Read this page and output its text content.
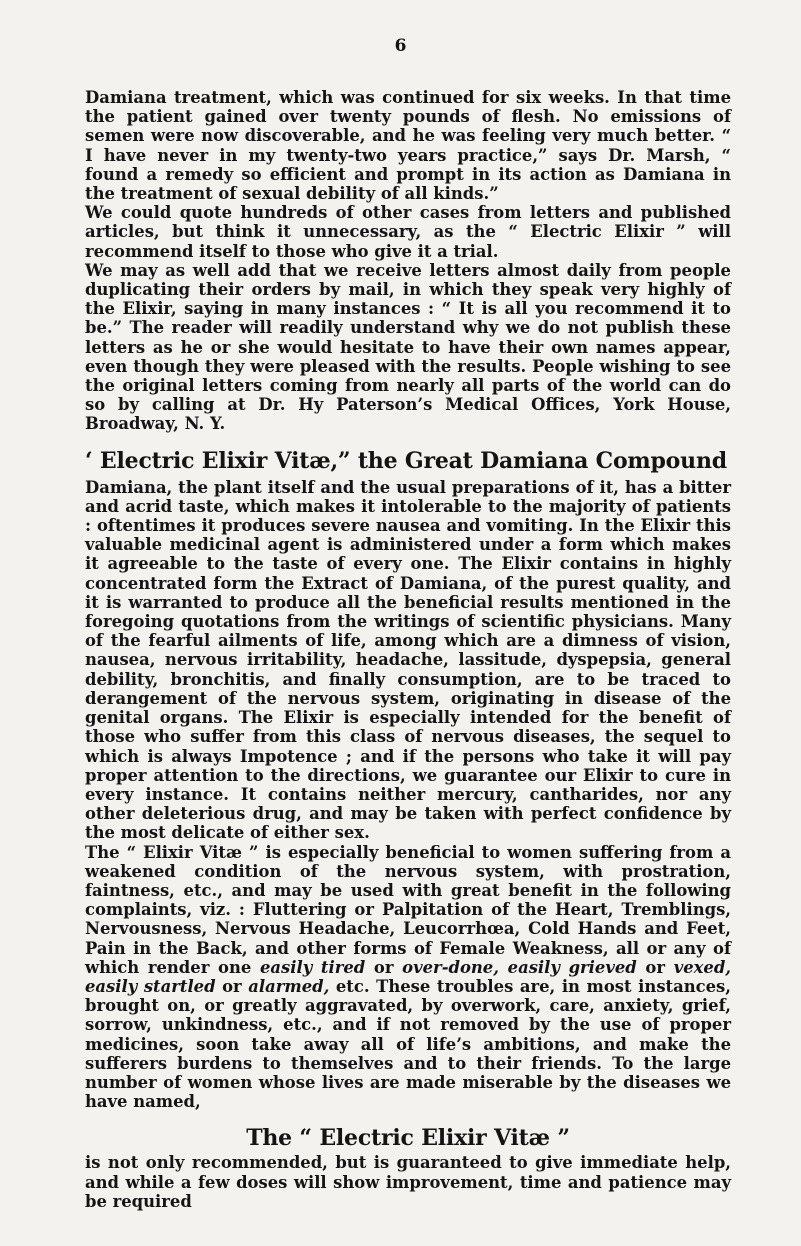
6

Damiana treatment, which was continued for six weeks. In that time the patient gained over twenty pounds of flesh. No emissions of semen were now discoverable, and he was feeling very much better. “ I have never in my twenty-two years practice,” says Dr. Marsh, “ found a remedy so efficient and prompt in its action as Damiana in the treatment of sexual debility of all kinds.”

We could quote hundreds of other cases from letters and published articles, but think it unnecessary, as the “ Electric Elixir ” will recommend itself to those who give it a trial.

We may as well add that we receive letters almost daily from people duplicating their orders by mail, in which they speak very highly of the Elixir, saying in many instances : “ It is all you recommend it to be.” The reader will readily understand why we do not publish these letters as he or she would hesitate to have their own names appear, even though they were pleased with the results. People wishing to see the original letters coming from nearly all parts of the world can do so by calling at Dr. Hy Paterson’s Medical Offices, York House, Broadway, N. Y.

‘ Electric Elixir Vitæ,” the Great Damiana Compound

Damiana, the plant itself and the usual preparations of it, has a bitter and acrid taste, which makes it intolerable to the majority of patients : oftentimes it produces severe nausea and vomiting. In the Elixir this valuable medicinal agent is administered under a form which makes it agreeable to the taste of every one. The Elixir contains in highly concentrated form the Extract of Damiana, of the purest quality, and it is warranted to produce all the beneficial results mentioned in the foregoing quotations from the writings of scientific physicians. Many of the fearful ailments of life, among which are a dimness of vision, nausea, nervous irritability, headache, lassitude, dyspepsia, general debility, bronchitis, and finally consumption, are to be traced to derangement of the nervous system, originating in disease of the genital organs. The Elixir is especially intended for the benefit of those who suffer from this class of nervous diseases, the sequel to which is always Impotence ; and if the persons who take it will pay proper attention to the directions, we guarantee our Elixir to cure in every instance. It contains neither mercury, cantharides, nor any other deleterious drug, and may be taken with perfect confidence by the most delicate of either sex.

The “ Elixir Vitæ ” is especially beneficial to women suffering from a weakened condition of the nervous system, with prostration, faintness, etc., and may be used with great benefit in the following complaints, viz. : Fluttering or Palpitation of the Heart, Tremblings, Nervousness, Nervous Headache, Leucorrhœa, Cold Hands and Feet, Pain in the Back, and other forms of Female Weakness, all or any of which render one easily tired or over-done, easily grieved or vexed, easily startled or alarmed, etc. These troubles are, in most instances, brought on, or greatly aggravated, by overwork, care, anxiety, grief, sorrow, unkindness, etc., and if not removed by the use of proper medicines, soon take away all of life’s ambitions, and make the sufferers burdens to themselves and to their friends. To the large number of women whose lives are made miserable by the diseases we have named,

The “ Electric Elixir Vitæ ”

is not only recommended, but is guaranteed to give immediate help, and while a few doses will show improvement, time and patience may be required
